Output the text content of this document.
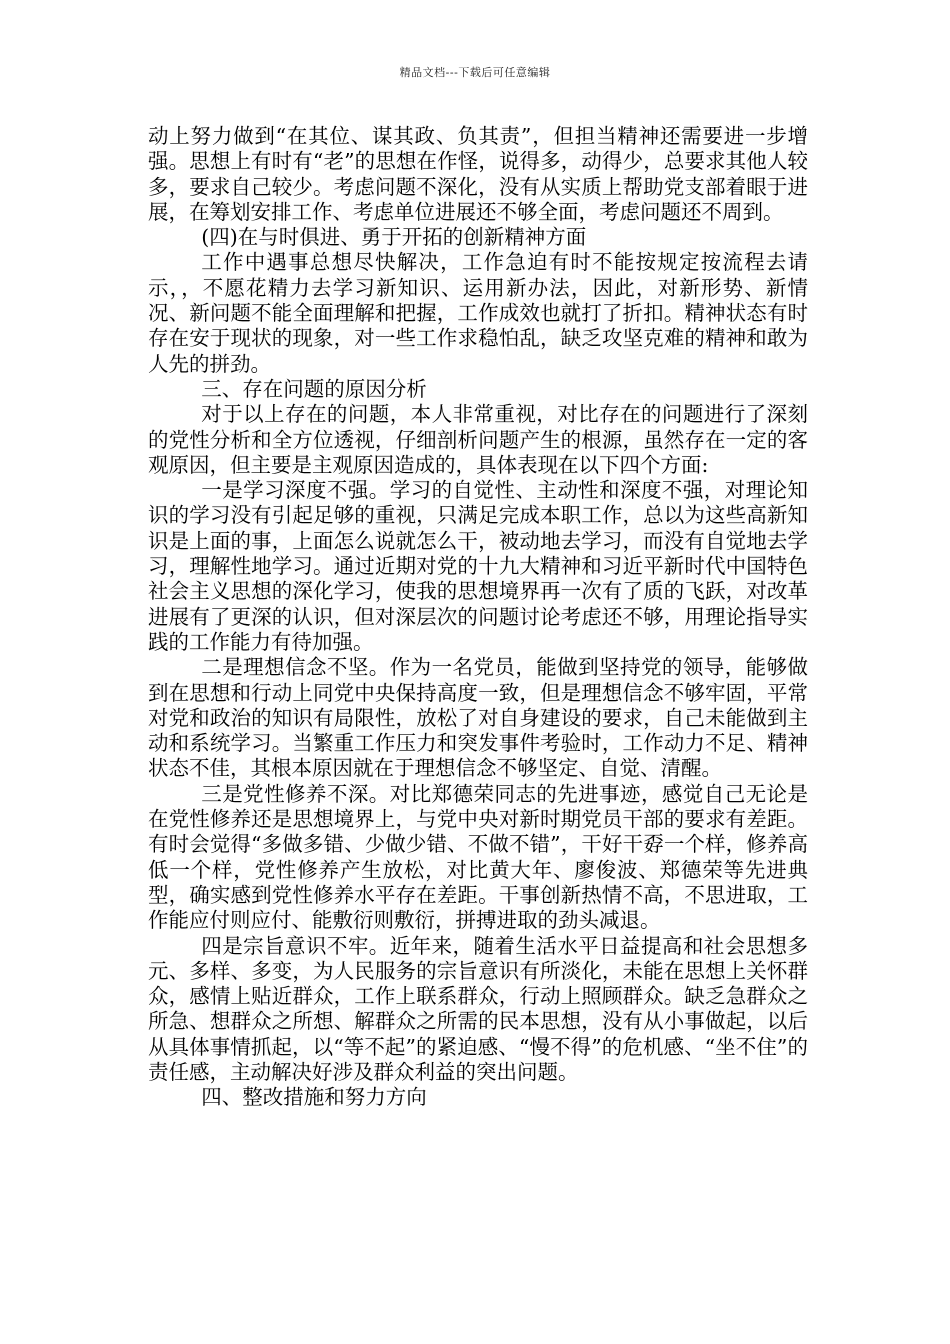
精品文档---下载后可任意编辑

动上努力做到“在其位、谋其政、负其责”，但担当精神还需要进一步增强。思想上有时有“老”的思想在作怪，说得多，动得少，总要求其他人较多，要求自己较少。考虑问题不深化，没有从实质上帮助党支部着眼于进展，在筹划安排工作、考虑单位进展还不够全面，考虑问题还不周到。

(四)在与时俱进、勇于开拓的创新精神方面

工作中遇事总想尽快解决，工作急迫有时不能按规定按流程去请示，，不愿花精力去学习新知识、运用新办法，因此，对新形势、新情况、新问题不能全面理解和把握，工作成效也就打了折扣。精神状态有时存在安于现状的现象，对一些工作求稳怕乱，缺乏攻坚克难的精神和敢为人先的拼劲。

三、存在问题的原因分析

对于以上存在的问题，本人非常重视，对比存在的问题进行了深刻的党性分析和全方位透视，仔细剖析问题产生的根源，虽然存在一定的客观原因，但主要是主观原因造成的，具体表现在以下四个方面:

一是学习深度不强。学习的自觉性、主动性和深度不强，对理论知识的学习没有引起足够的重视，只满足完成本职工作，总以为这些高新知识是上面的事，上面怎么说就怎么干，被动地去学习，而没有自觉地去学习，理解性地学习。通过近期对党的十九大精神和习近平新时代中国特色社会主义思想的深化学习，使我的思想境界再一次有了质的飞跃，对改革进展有了更深的认识，但对深层次的问题讨论考虑还不够，用理论指导实践的工作能力有待加强。

二是理想信念不坚。作为一名党员，能做到坚持党的领导，能够做到在思想和行动上同党中央保持高度一致，但是理想信念不够牢固，平常对党和政治的知识有局限性，放松了对自身建设的要求，自己未能做到主动和系统学习。当繁重工作压力和突发事件考验时，工作动力不足、精神状态不佳，其根本原因就在于理想信念不够坚定、自觉、清醒。

三是党性修养不深。对比郑德荣同志的先进事迹，感觉自己无论是在党性修养还是思想境界上，与党中央对新时期党员干部的要求有差距。有时会觉得“多做多错、少做少错、不做不错”，干好干孬一个样，修养高低一个样，党性修养产生放松，对比黄大年、廖俊波、郑德荣等先进典型，确实感到党性修养水平存在差距。干事创新热情不高，不思进取，工作能应付则应付、能敷衍则敷衍，拼搏进取的劲头减退。

四是宗旨意识不牢。近年来，随着生活水平日益提高和社会思想多元、多样、多变，为人民服务的宗旨意识有所淡化，未能在思想上关怀群众，感情上贴近群众，工作上联系群众，行动上照顾群众。缺乏急群众之所急、想群众之所想、解群众之所需的民本思想，没有从小事做起，以后从具体事情抓起，以“等不起”的紧迫感、“慢不得”的危机感、“坐不住”的责任感，主动解决好涉及群众利益的突出问题。

四、整改措施和努力方向
